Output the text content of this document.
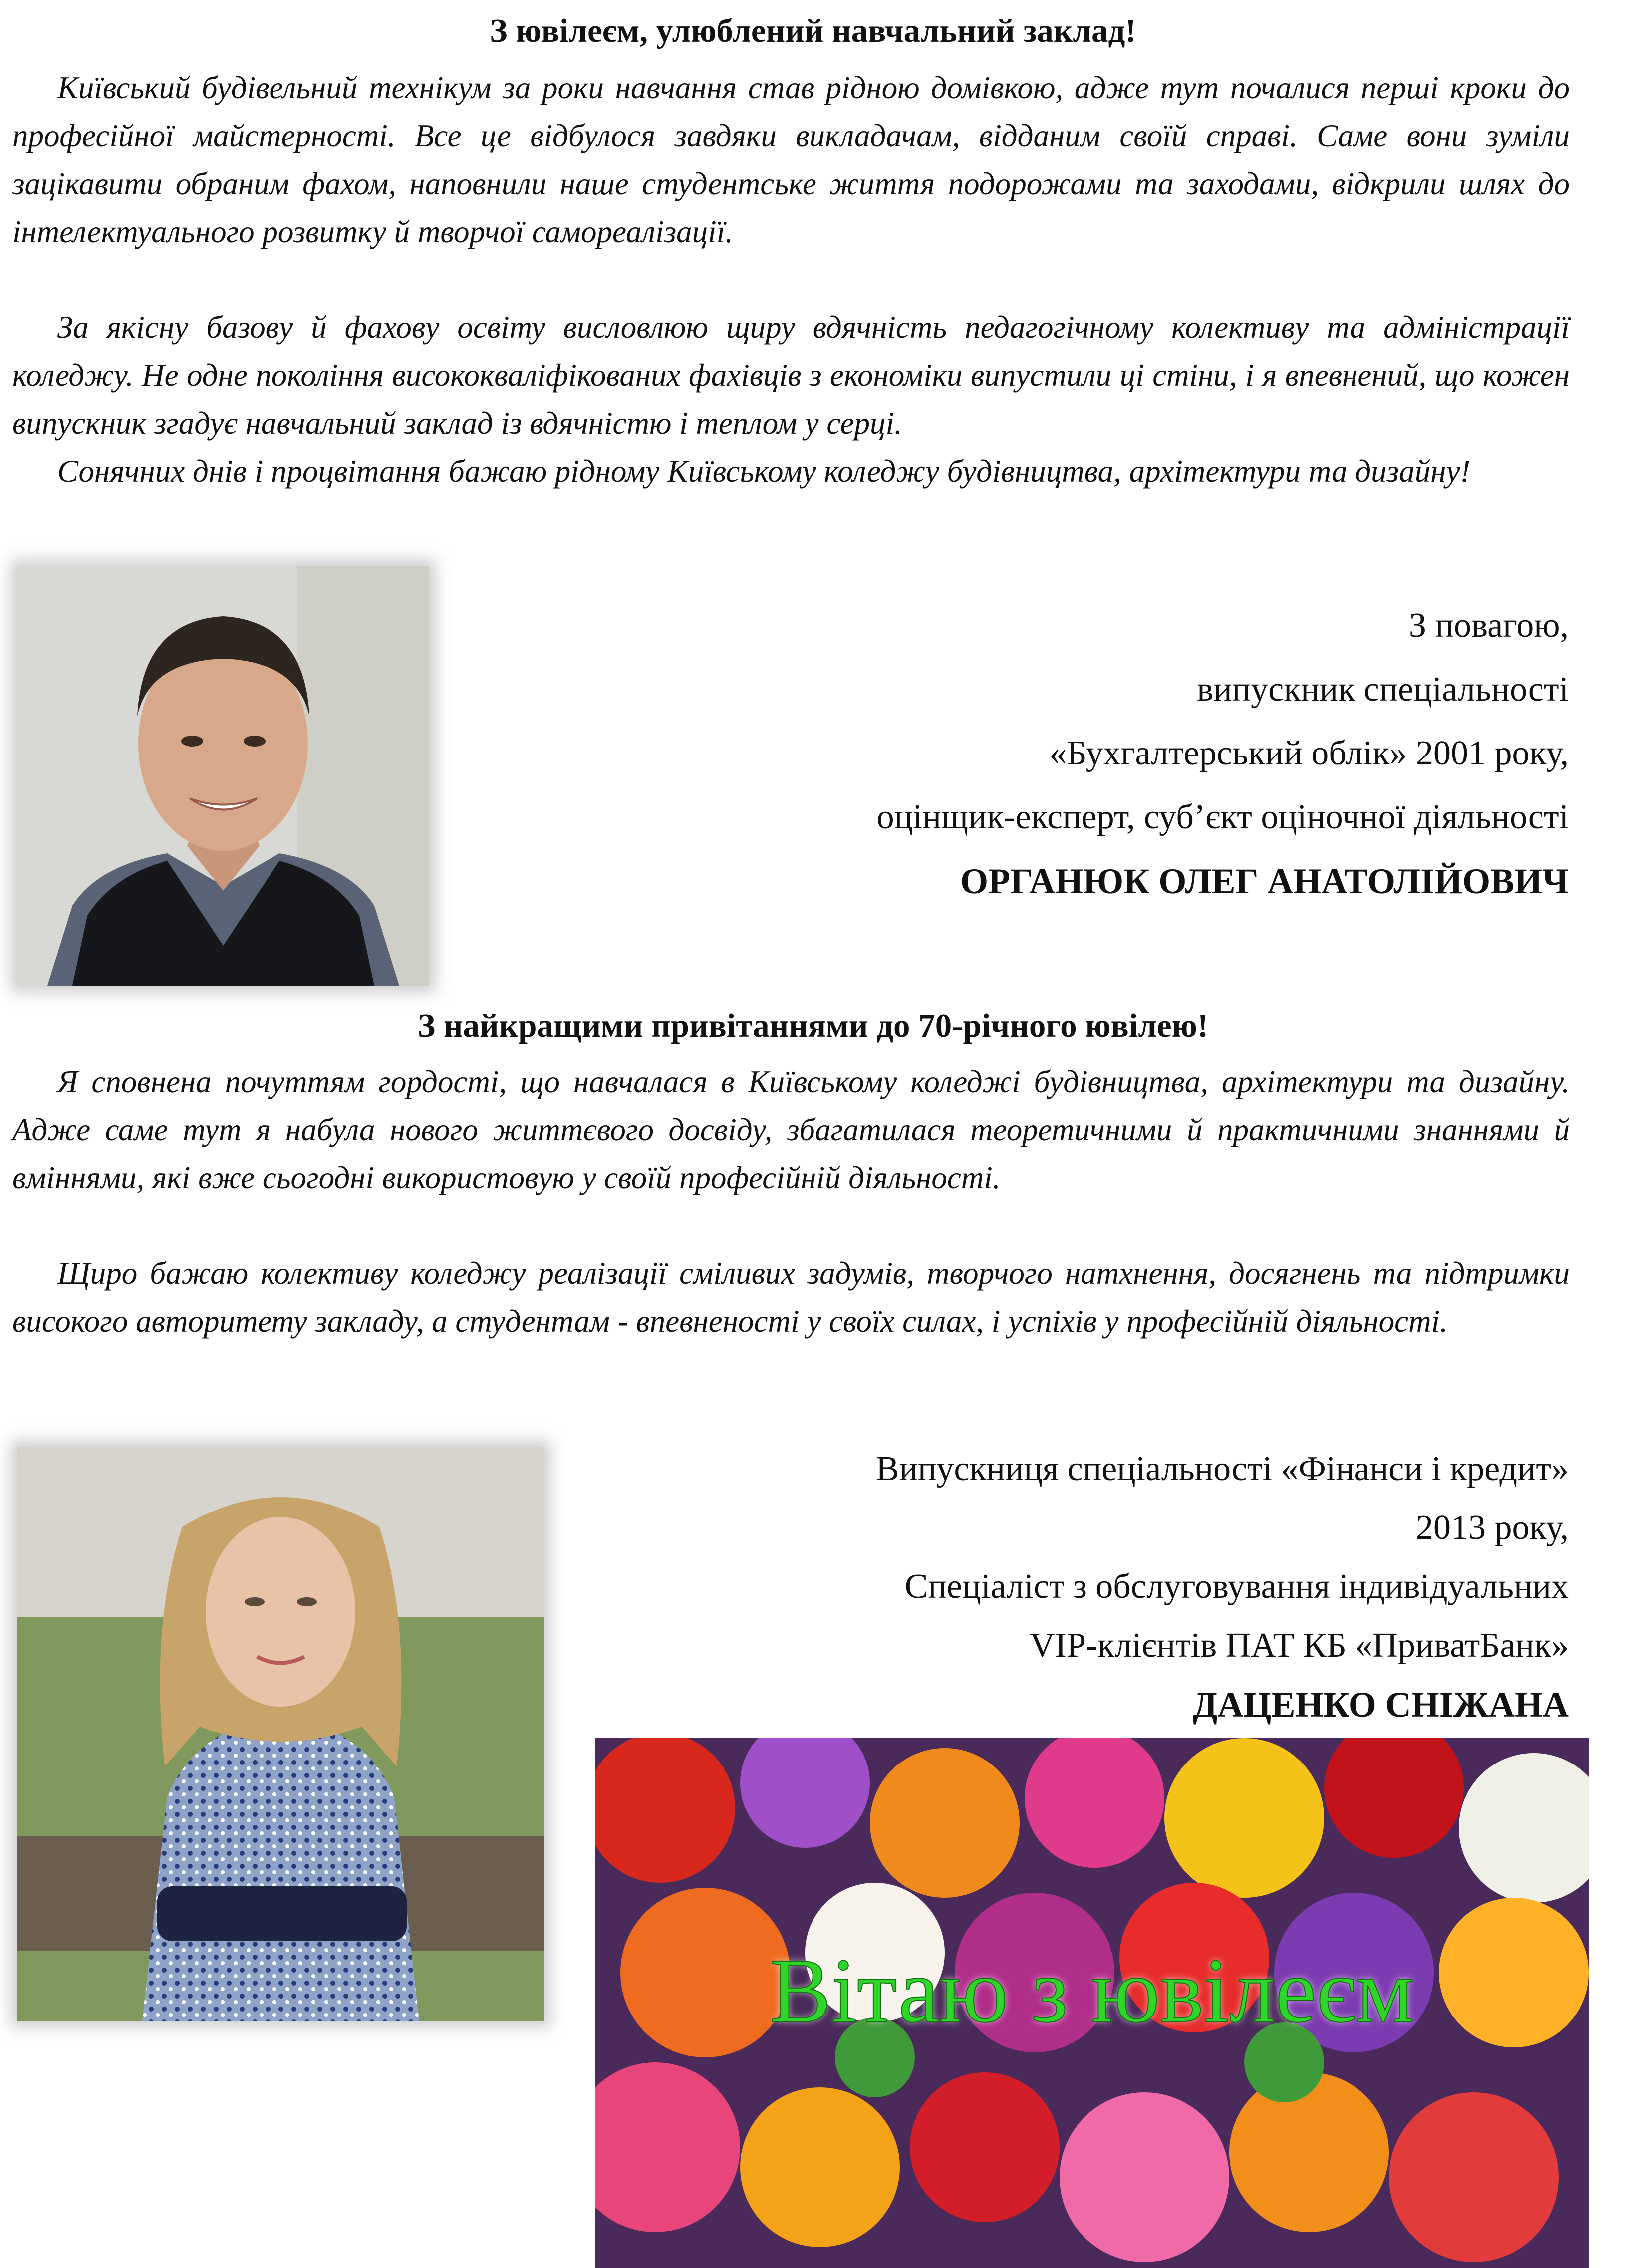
З ювілеєм, улюблений навчальний заклад!

Київський будівельний технікум за роки навчання став рідною домівкою, адже тут почалися перші кроки до професійної майстерності. Все це відбулося завдяки викладачам, відданим своїй справі. Саме вони зуміли зацікавити обраним фахом, наповнили наше студентське життя подорожами та заходами, відкрили шлях до інтелектуального розвитку й творчої самореалізації.

За якісну базову й фахову освіту висловлюю щиру вдячність педагогічному колективу та адміністрації коледжу. Не одне покоління висококваліфікованих фахівців з економіки випустили ці стіни, і я впевнений, що кожен випускник згадує навчальний заклад із вдячністю і теплом у серці.

Сонячних днів і процвітання бажаю рідному Київському коледжу будівництва, архітектури та дизайну!

З повагою,
випускник спеціальності
«Бухгалтерський облік» 2001 року,
оцінщик-експерт, суб’єкт оціночної діяльності
ОРГАНЮК ОЛЕГ АНАТОЛІЙОВИЧ
З найкращими привітаннями до 70-річного ювілею!

Я сповнена почуттям гордості, що навчалася в Київському коледжі будівництва, архітектури та дизайну. Адже саме тут я набула нового життєвого досвіду, збагатилася теоретичними й практичними знаннями й вміннями, які вже сьогодні використовую у своїй професійній діяльності.

Щиро бажаю колективу коледжу реалізації сміливих задумів, творчого натхнення, досягнень та підтримки високого авторитету закладу, а студентам - впевненості у своїх силах, і успіхів у професійній діяльності.

Випускниця спеціальності «Фінанси і кредит»
2013 року,
Спеціаліст з обслуговування індивідуальних
VIP-клієнтів ПАТ КБ «ПриватБанк»
ДАЦЕНКО СНІЖАНА
Вітаю з ювілеєм
